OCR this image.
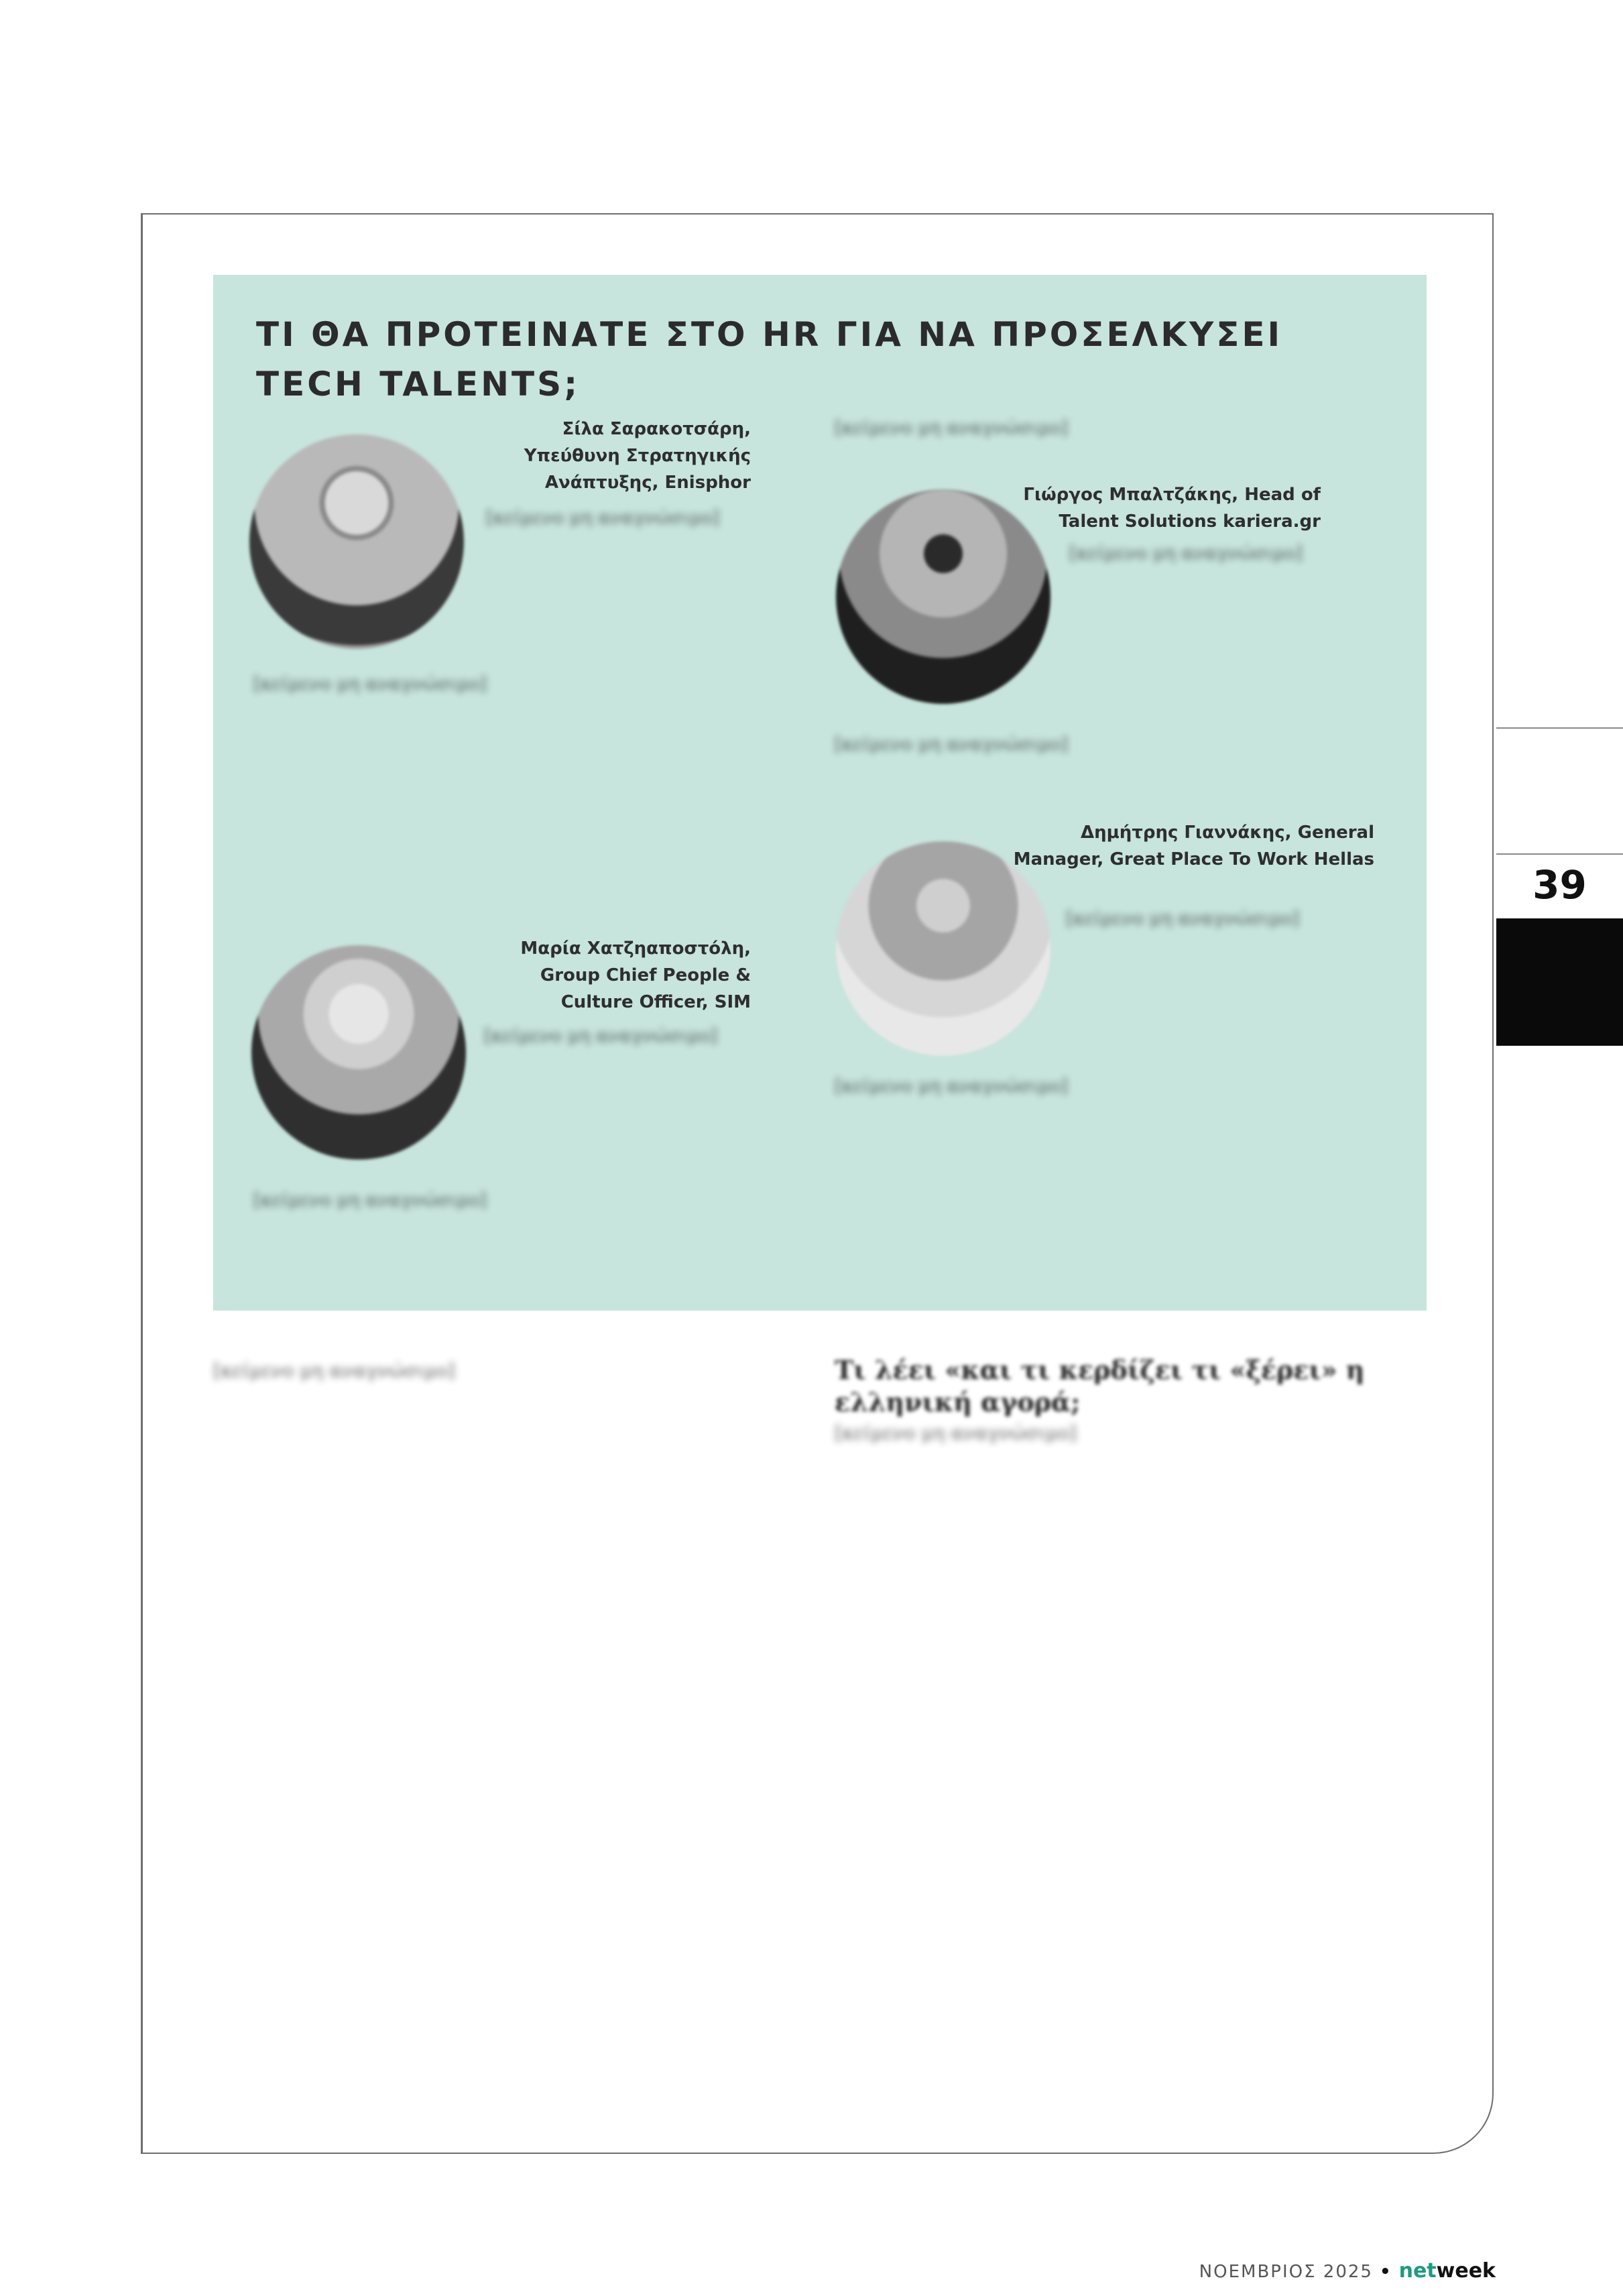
ΤΙ ΘΑ ΠΡΟΤΕΙΝΑΤΕ ΣΤΟ HR ΓΙΑ ΝΑ ΠΡΟΣΕΛΚΥΣΕΙ TECH TALENTS;
Σίλα Σαρακοτσάρη, Υπεύθυνη Στρατηγικής Ανάπτυξης, Enisphor

[κείμενο μη αναγνώσιμο]

[κείμενο μη αναγνώσιμο]

Μαρία Χατζηαποστόλη, Group Chief People & Culture Officer, SIM

[κείμενο μη αναγνώσιμο]

[κείμενο μη αναγνώσιμο]

[κείμενο μη αναγνώσιμο]

Γιώργος Μπαλτζάκης, Head of Talent Solutions kariera.gr

[κείμενο μη αναγνώσιμο]

[κείμενο μη αναγνώσιμο]

Δημήτρης Γιαννάκης, General Manager, Great Place To Work Hellas

[κείμενο μη αναγνώσιμο]

[κείμενο μη αναγνώσιμο]

[κείμενο μη αναγνώσιμο]	Τι λέει «και τι κερδίζει τι «ξέρει» η ελληνική αγορά;

[κείμενο μη αναγνώσιμο]

39
ΝΟΕΜΒΡΙΟΣ 2025 • netweek
